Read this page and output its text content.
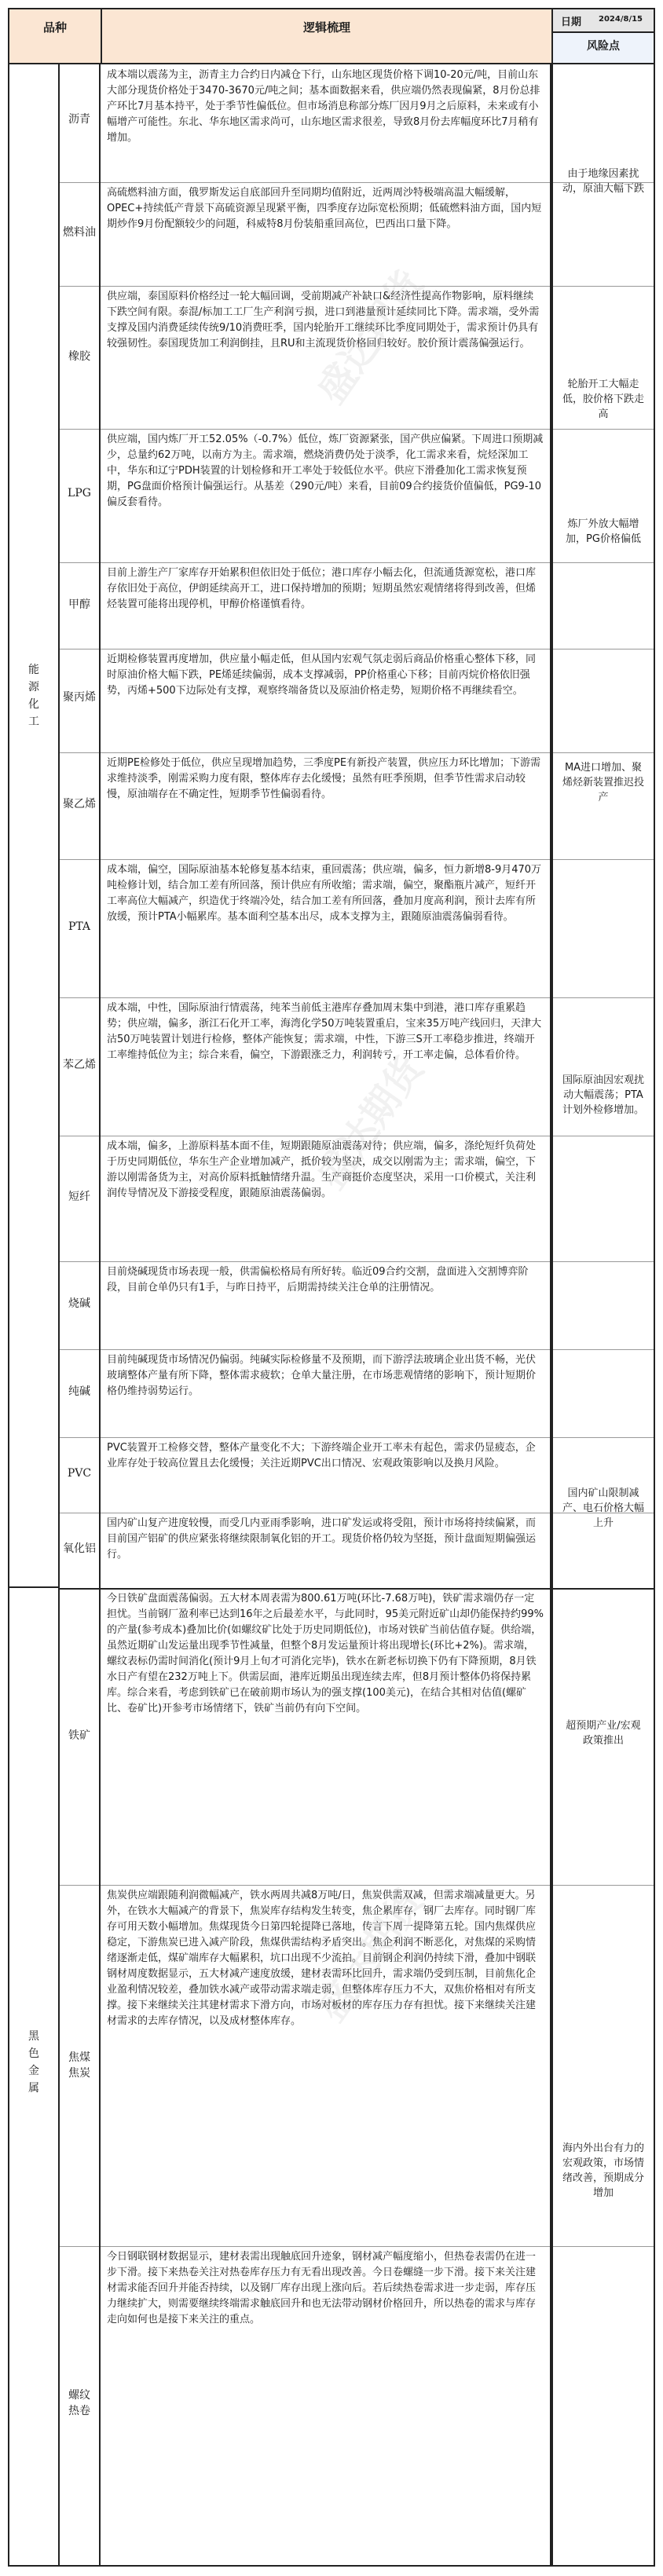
品种	逻辑梳理	日期 2024/8/15
风险点
能
源
化
工
沥青
成本端以震荡为主，沥青主力合约日内减仓下行，山东地区现货价格下调10-20元/吨，目前山东大部分现货价格处于3470-3670元/吨之间；基本面数据来看，供应端仍然表现偏紧，8月份总排产环比7月基本持平，处于季节性偏低位。但市场消息称部分炼厂因月9月之后原料，未来或有小幅增产可能性。东北、华东地区需求尚可，山东地区需求很差，导致8月份去库幅度环比7月稍有增加。
燃料油
高硫燃料油方面，俄罗斯发运自底部回升至同期均值附近，近两周沙特极端高温大幅缓解，OPEC+持续低产背景下高硫资源呈现紧平衡，四季度存边际宽松预期；低硫燃料油方面，国内短期炒作9月份配额较少的问题，科威特8月份装船重回高位，巴西出口量下降。
橡胶
供应端，泰国原料价格经过一轮大幅回调，受前期减产补缺口&经济性提高作物影响，原料继续下跌空间有限。泰混/标加工工厂生产利润亏损，进口到港量预计延续同比下降。需求端，受外需支撑及国内消费延续传统9/10消费旺季，国内轮胎开工继续环比季度同期处于，需求预计仍具有较强韧性。泰国现货加工利润倒挂，且RU和主流现货价格回归较好。胶价预计震荡偏强运行。
LPG
供应端，国内炼厂开工52.05%（-0.7%）低位，炼厂资源紧张，国产供应偏紧。下周进口预期减少，总量约62万吨，以南方为主。需求端，燃烧消费仍处于淡季，化工需求来看，烷烃深加工中，华东和辽宁PDH装置的计划检修和开工率处于较低位水平。供应下滑叠加化工需求恢复预期，PG盘面价格预计偏强运行。从基差（290元/吨）来看，目前09合约接货价值偏低，PG9-10偏反套看待。
甲醇
目前上游生产厂家库存开始累积但依旧处于低位；港口库存小幅去化，但流通货源宽松，港口库存依旧处于高位，伊朗延续高开工，进口保持增加的预期；短期虽然宏观情绪将得到改善，但烯烃装置可能将出现停机，甲醇价格谨慎看待。
聚丙烯
近期检修装置再度增加，供应量小幅走低，但从国内宏观气氛走弱后商品价格重心整体下移，同时原油价格大幅下跌，PE烯延续偏弱，成本支撑减弱，PP价格重心下移；目前丙烷价格依旧强势，丙烯+500下边际处有支撑，观察终端备货以及原油价格走势，短期价格不再继续看空。
聚乙烯
近期PE检修处于低位，供应呈现增加趋势，三季度PE有新投产装置，供应压力环比增加；下游需求维持淡季，刚需采购力度有限，整体库存去化缓慢；虽然有旺季预期，但季节性需求启动较慢，原油端存在不确定性，短期季节性偏弱看待。
PTA
成本端，偏空，国际原油基本轮修复基本结束，重回震荡；供应端，偏多，恒力新增8-9月470万吨检修计划，结合加工差有所回落，预计供应有所收缩；需求端，偏空，聚酯瓶片减产，短纤开工率高位大幅减产，织造优于终端冷处，结合加工差有所回落，叠加月度高利润，预计去库有所放缓，预计PTA小幅累库。基本面利空基本出尽，成本支撑为主，跟随原油震荡偏弱看待。
苯乙烯
成本端，中性，国际原油行情震荡，纯苯当前低主港库存叠加周末集中到港，港口库存重累趋势；供应端，偏多，浙江石化开工率，海湾化学50万吨装置重启，宝来35万吨产线回归，天津大沽50万吨装置计划进行检修，整体产能恢复；需求端，中性，下游三S开工率稳步推进，终端开工率维持低位为主；综合来看，偏空，下游跟涨乏力，利润转亏，开工率走偏，总体看价待。
短纤
成本端，偏多，上游原料基本面不佳，短期跟随原油震荡对待；供应端，偏多，涤纶短纤负荷处于历史同期低位，华东生产企业增加减产，抵价较为坚决，成交以刚需为主；需求端，偏空，下游以刚需备货为主，对高价原料抵触情绪升温。生产商挺价态度坚决，采用一口价模式，关注利润传导情况及下游接受程度，跟随原油震荡偏弱。
烧碱
目前烧碱现货市场表现一般，供需偏松格局有所好转。临近09合约交割，盘面进入交割博弈阶段，目前仓单仍只有1手，与昨日持平，后期需持续关注仓单的注册情况。
纯碱
目前纯碱现货市场情况仍偏弱。纯碱实际检修量不及预期，而下游浮法玻璃企业出货不畅，光伏玻璃整体产量有所下降，整体需求疲软；仓单大量注册，在市场悲观情绪的影响下，预计短期价格仍维持弱势运行。
PVC
PVC装置开工检修交替，整体产量变化不大；下游终端企业开工率未有起色，需求仍显疲态，企业库存处于较高位置且去化缓慢；关注近期PVC出口情况、宏观政策影响以及换月风险。
氧化铝
国内矿山复产进度较慢，而受几内亚雨季影响，进口矿发运或将受阻，预计市场将持续偏紧，而目前国产铝矿的供应紧张将继续限制氧化铝的开工。现货价格仍较为坚挺，预计盘面短期偏强运行。
由于地缘因素扰动，原油大幅下跌
轮胎开工大幅走低，胶价格下跌走高
炼厂外放大幅增加，PG价格偏低
MA进口增加、聚烯烃新装置推迟投产
国际原油因宏观扰动大幅震荡；PTA计划外检修增加。
国内矿山限制减产、电石价格大幅上升
黑
色
金
属
铁矿
今日铁矿盘面震荡偏弱。五大材本周表需为800.61万吨(环比-7.68万吨)，铁矿需求端仍存一定担忧。当前钢厂盈利率已达到16年之后最差水平，与此同时，95美元附近矿山却仍能保持约99%的产量(参考成本)叠加比价(如螺纹矿比处于历史同期低位)，市场对铁矿当前估值存疑。供给端，虽然近期矿山发运量出现季节性减量，但整个8月发运量预计将出现增长(环比+2%)。需求端，螺纹表标仍需时间消化(预计9月上旬才可消化完毕)，铁水在新老标切换下仍有下降预期，8月铁水日产有望在232万吨上下。供需层面，港库近期虽出现连续去库，但8月预计整体仍将保持累库。综合来看，考虑到铁矿已在破前期市场认为的强支撑(100美元)，在结合其相对估值(螺矿比、卷矿比)开参考市场情绪下，铁矿当前仍有向下空间。
焦煤
焦炭
焦炭供应端跟随利润微幅减产，铁水两周共减8万吨/日，焦炭供需双减，但需求端减量更大。另外，在铁水大幅减产的背景下，焦炭库存结构发生转变，焦企累库存，钢厂去库存。同时钢厂库存可用天数小幅增加。焦煤现货今日第四轮提降已落地，传言下周一提降第五轮。国内焦煤供应稳定，下游焦炭已进入减产阶段，焦煤供需结构矛盾突出。焦企利润不断恶化，对焦煤的采购情绪逐渐走低，煤矿端库存大幅累积，坑口出现不少流拍。目前钢企利润仍持续下滑，叠加中钢联钢材周度数据显示，五大材减产速度放缓，建材表需环比回升，需求端仍受到压制，目前焦化企业盈利情况较差，叠加铁水减产或带动需求端走弱，但整体库存压力不大，双焦价格相对有所支撑。接下来继续关注其建材需求下滑方向，市场对板材的库存压力存有担忧。接下来继续关注建材需求的去库存情况，以及成材整体库存。
螺纹
热卷
今日钢联钢材数据显示，建材表需出现触底回升迹象，钢材减产幅度缩小，但热卷表需仍在进一步下滑。接下来热卷关注对热卷库存压力有无看出现改善。今日卷螺缝一步下滑。接下来关注建材需求能否回升并能否持续，以及钢厂库存出现上涨向后。若后续热卷需求进一步走弱，库存压力继续扩大，则需要继续终端需求触底回升和也无法带动钢材价格回升，所以热卷的需求与库存走向如何也是接下来关注的重点。
超预期产业/宏观政策推出
海内外出台有力的宏观政策，市场情绪改善，预期成分增加
盛达期货
盛达期货
盛达期货
